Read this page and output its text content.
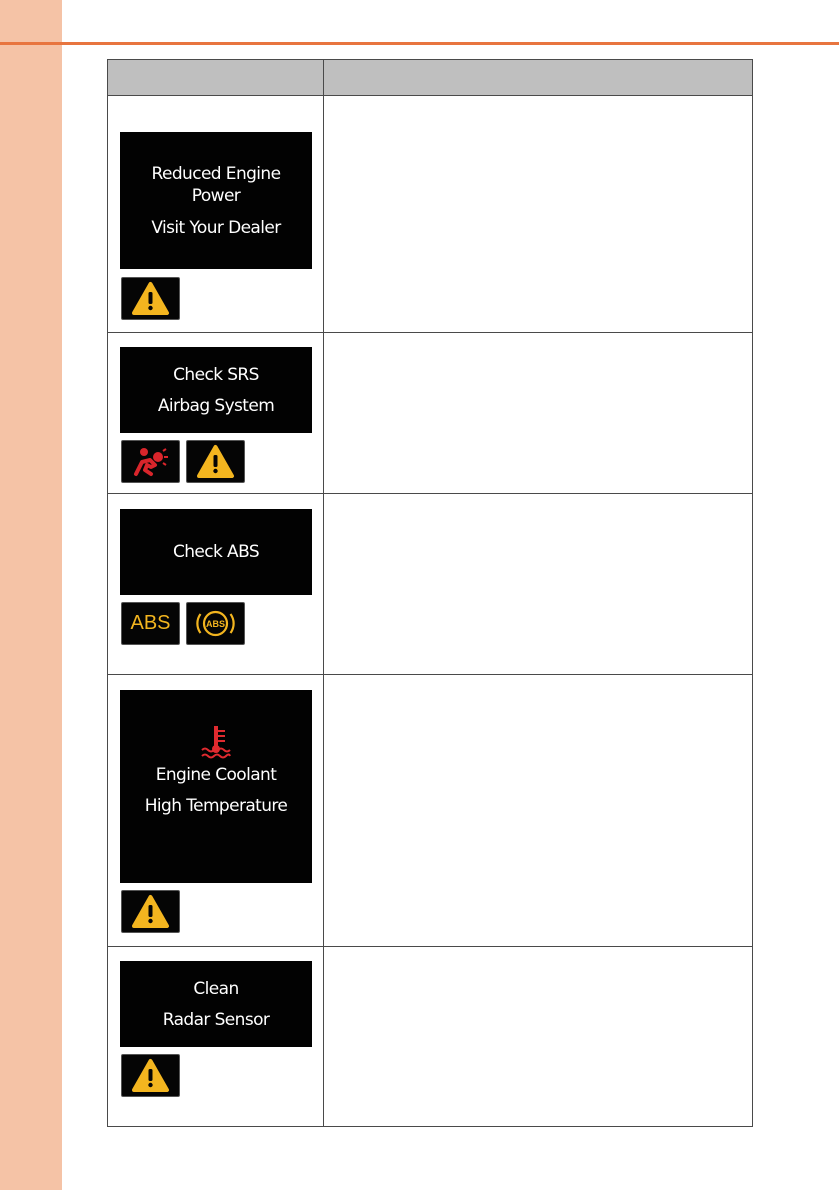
Reduced Engine
Power
Visit Your Dealer
Check SRS
Airbag System
Check ABS
ABS	ABS
Engine Coolant
High Temperature
Clean
Radar Sensor
